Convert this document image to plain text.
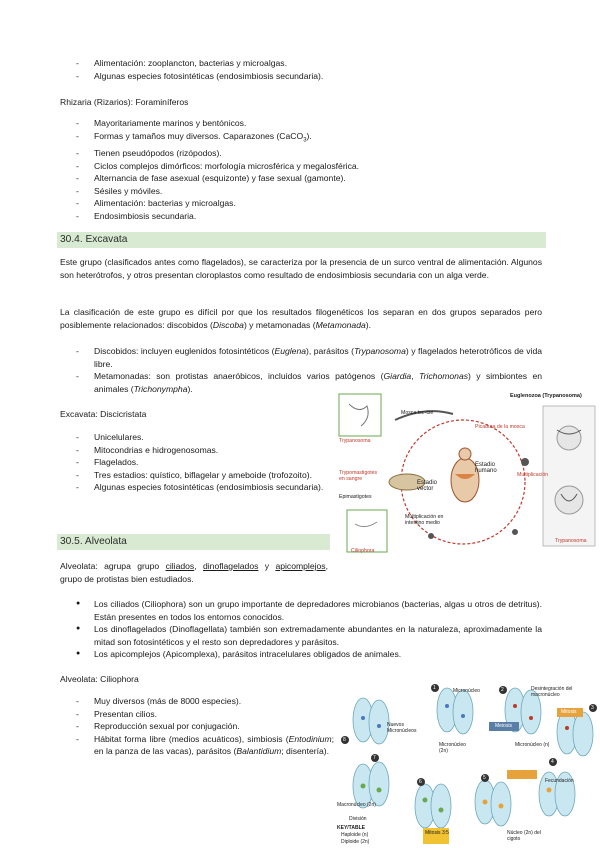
- Alimentación: zooplancton, bacterias y microalgas.
- Algunas especies fotosintéticas (endosimbiosis secundaria).
Rhizaria (Rizarios): Foraminíferos
- Mayoritariamente marinos y bentónicos.
- Formas y tamaños muy diversos. Caparazones (CaCO$_3$).
- Tienen pseudópodos (rizópodos).
- Ciclos complejos dimórficos: morfología microsférica y megalosférica.
- Alternancia de fase asexual (esquizonte) y fase sexual (gamonte).
- Sésiles y móviles.
- Alimentación: bacterias y microalgas.
- Endosimbiosis secundaria.
30.4. Excavata
Este grupo (clasificados antes como flagelados), se caracteriza por la presencia de un surco ventral de alimentación. Algunos son heterótrofos, y otros presentan cloroplastos como resultado de endosimbiosis secundaria con un alga verde.
La clasificación de este grupo es difícil por que los resultados filogenéticos los separan en dos grupos separados pero posiblemente relacionados: discobidos (Discoba) y metamonadas (Metamonada).
- Discobidos: incluyen euglenidos fotosintéticos (Euglena), parásitos (Trypanosoma) y flagelados heterotróficos de vida libre.
- Metamonadas: son protistas anaeróbicos, incluidos varios patógenos (Giardia, Trichomonas) y simbiontes en animales (Trichonympha).
Excavata: Discicristata
- Unicelulares.
- Mitocondrias e hidrogenosomas.
- Flagelados.
- Tres estadios: quístico, biflagelar y ameboide (trofozoito).
- Algunas especies fotosintéticas (endosimbiosis secundaria).
Euglenozoa (Trypanosoma)
Mosca tse-tse
Trypanosoma
Picadura de la mosca
Estadio humano
Estadio vector
Trypomastigotes en sangre
Multiplicación
Epimastigotes
Multiplicación en intestino medio
Trypanosoma
Ciliophora
30.5. Alveolata
Alveolata: agrupa grupo ciliados, dinoflagelados y apicomplejos, grupo de protistas bien estudiados.
● Los ciliados (Ciliophora) son un grupo importante de depredadores microbianos (bacterias, algas u otros de detritus). Están presentes en todos los entornos conocidos.
● Los dinoflagelados (Dinoflagellata) también son extremadamente abundantes en la naturaleza, aproximadamente la mitad son fotosintéticos y el resto son depredadores y parásitos.
● Los apicomplejos (Apicomplexa), parásitos intracelulares obligados de animales.
Alveolata: Ciliophora
- Muy diversos (más de 8000 especies).
- Presentan cilios.
- Reproducción sexual por conjugación.
- Hábitat forma libre (medios acuáticos), simbiosis (Entodinium; en la panza de las vacas), parásitos (Balantidium; disentería).
Micronúcleo	Desintegración del macronúcleo
Meiosis
Mitosis
Nuevos Micronúcleos
Micronúcleo (2n)
Micronúcleo (n)
Fecundación
Mitosis 3:5	Núcleo (2n) del cigoto
Macronúcleo (2n)
División
KEY/TABLE
Haploide (n)
Diploide (2n)
1	2
3
4
5
6
7
8
